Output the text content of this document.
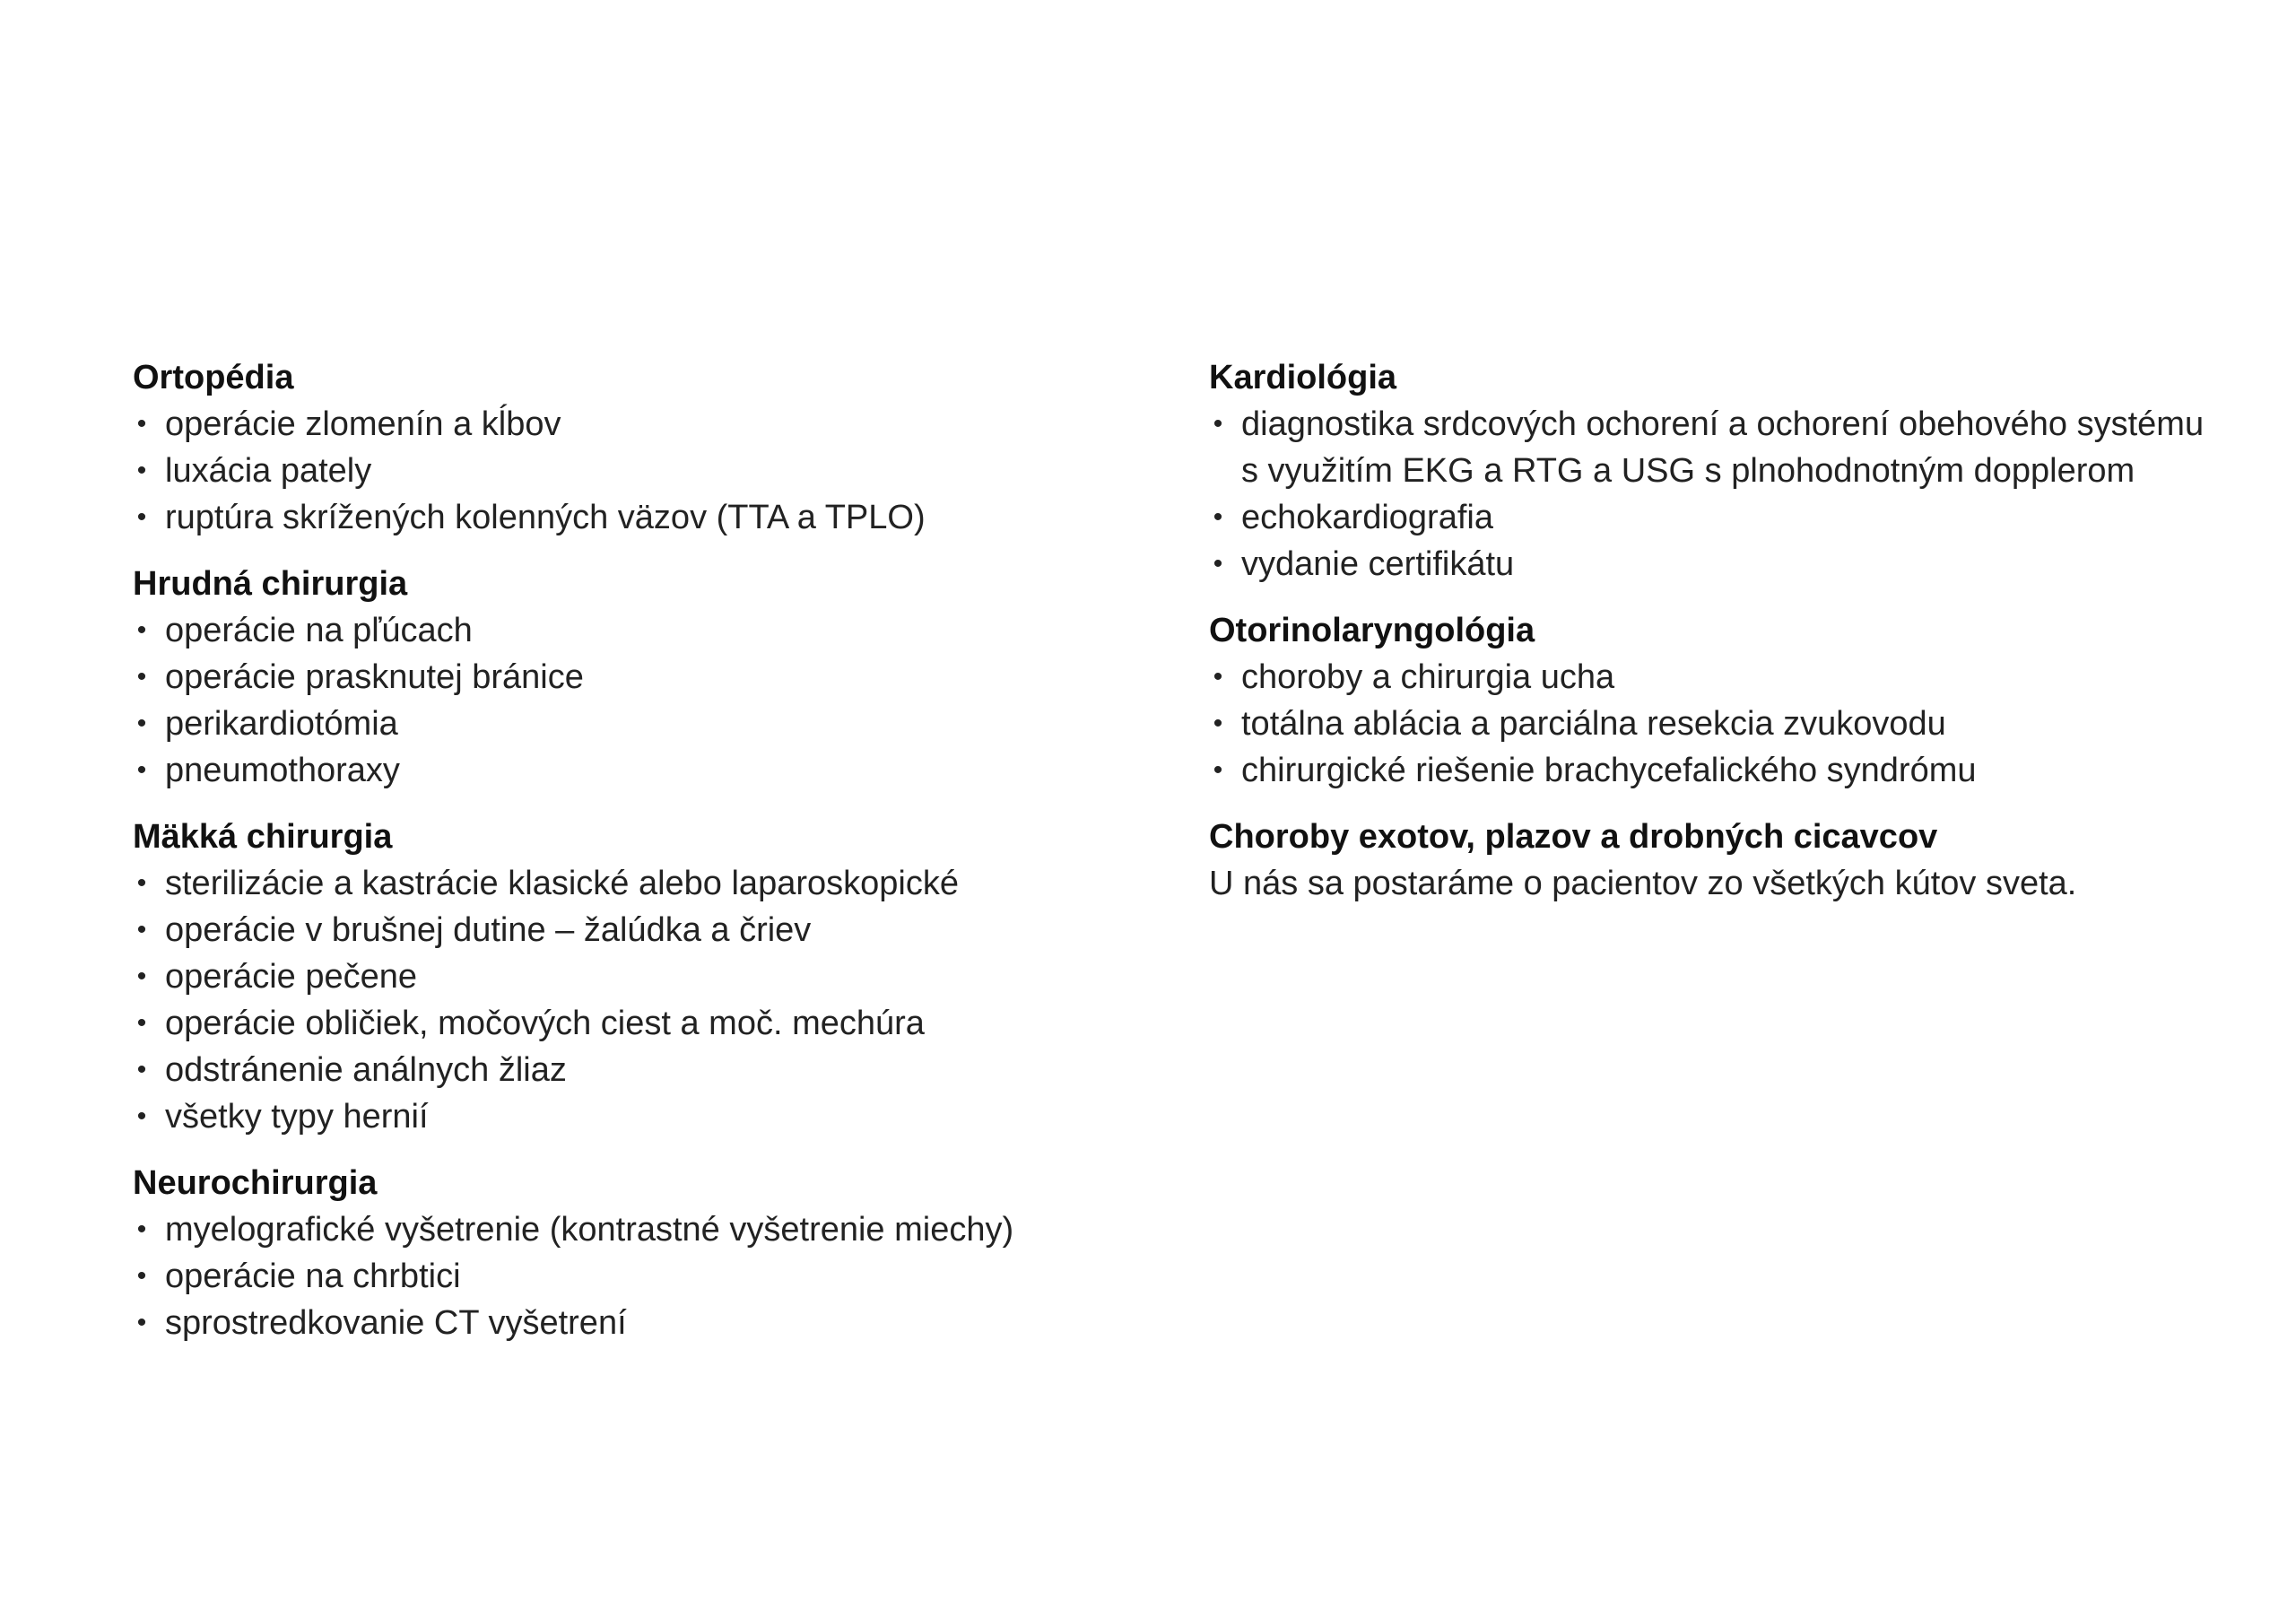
Ortopédia
• operácie zlomenín a kĺbov
• luxácia pately
• ruptúra skrížených kolenných väzov (TTA a TPLO)
Hrudná chirurgia
• operácie na pľúcach
• operácie prasknutej bránice
• perikardiotómia
• pneumothoraxy
Mäkká chirurgia
• sterilizácie a kastrácie klasické alebo laparoskopické
• operácie v brušnej dutine – žalúdka a čriev
• operácie pečene
• operácie obličiek, močových ciest a moč. mechúra
• odstránenie análnych žliaz
• všetky typy hernií
Neurochirurgia
• myelografické vyšetrenie (kontrastné vyšetrenie miechy)
• operácie na chrbtici
• sprostredkovanie CT vyšetrení
Kardiológia
• diagnostika srdcových ochorení a ochorení obehového systému s využitím EKG a RTG a USG s plnohodnotným dopplerom
• echokardiografia
• vydanie certifikátu
Otorinolaryngológia
• choroby a chirurgia ucha
• totálna ablácia a parciálna resekcia zvukovodu
• chirurgické riešenie brachycefalického syndrómu
Choroby exotov, plazov a drobných cicavcov

U nás sa postaráme o pacientov zo všetkých kútov sveta.
